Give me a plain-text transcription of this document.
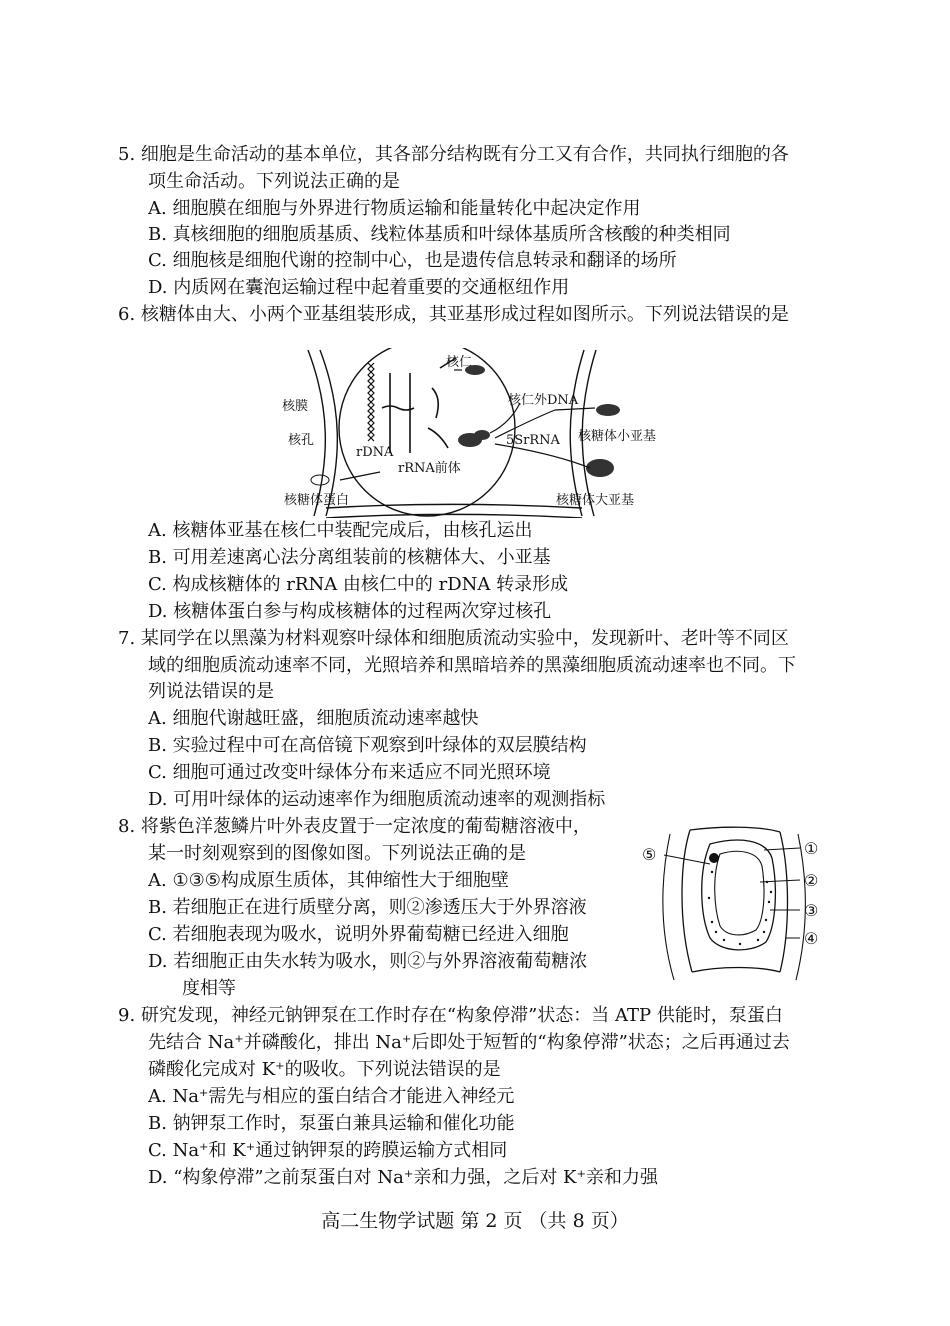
5. 细胞是生命活动的基本单位，其各部分结构既有分工又有合作，共同执行细胞的各
项生命活动。下列说法正确的是
A. 细胞膜在细胞与外界进行物质运输和能量转化中起决定作用
B. 真核细胞的细胞质基质、线粒体基质和叶绿体基质所含核酸的种类相同
C. 细胞核是细胞代谢的控制中心，也是遗传信息转录和翻译的场所
D. 内质网在囊泡运输过程中起着重要的交通枢纽作用
6. 核糖体由大、小两个亚基组装形成，其亚基形成过程如图所示。下列说法错误的是
核膜
核孔
核仁
rDNA
rRNA前体
核仁外DNA
5SrRNA 核糖体小亚基
核糖体大亚基
核糖体蛋白
A. 核糖体亚基在核仁中装配完成后，由核孔运出
B. 可用差速离心法分离组装前的核糖体大、小亚基
C. 构成核糖体的 rRNA 由核仁中的 rDNA 转录形成
D. 核糖体蛋白参与构成核糖体的过程两次穿过核孔
7. 某同学在以黑藻为材料观察叶绿体和细胞质流动实验中，发现新叶、老叶等不同区
域的细胞质流动速率不同，光照培养和黑暗培养的黑藻细胞质流动速率也不同。下
列说法错误的是
A. 细胞代谢越旺盛，细胞质流动速率越快
B. 实验过程中可在高倍镜下观察到叶绿体的双层膜结构
C. 细胞可通过改变叶绿体分布来适应不同光照环境
D. 可用叶绿体的运动速率作为细胞质流动速率的观测指标
8. 将紫色洋葱鳞片叶外表皮置于一定浓度的葡萄糖溶液中，
某一时刻观察到的图像如图。下列说法正确的是
A. ①③⑤构成原生质体，其伸缩性大于细胞壁
B. 若细胞正在进行质壁分离，则②渗透压大于外界溶液
C. 若细胞表现为吸水，说明外界葡萄糖已经进入细胞
D. 若细胞正由失水转为吸水，则②与外界溶液葡萄糖浓
度相等
⑤	①
②
③
④
9. 研究发现，神经元钠钾泵在工作时存在“构象停滞”状态：当 ATP 供能时，泵蛋白
先结合 Na⁺并磷酸化，排出 Na⁺后即处于短暂的“构象停滞”状态；之后再通过去
磷酸化完成对 K⁺的吸收。下列说法错误的是
A. Na⁺需先与相应的蛋白结合才能进入神经元
B. 钠钾泵工作时，泵蛋白兼具运输和催化功能
C. Na⁺和 K⁺通过钠钾泵的跨膜运输方式相同
D. “构象停滞”之前泵蛋白对 Na⁺亲和力强，之后对 K⁺亲和力强
高二生物学试题 第 2 页 （共 8 页）
